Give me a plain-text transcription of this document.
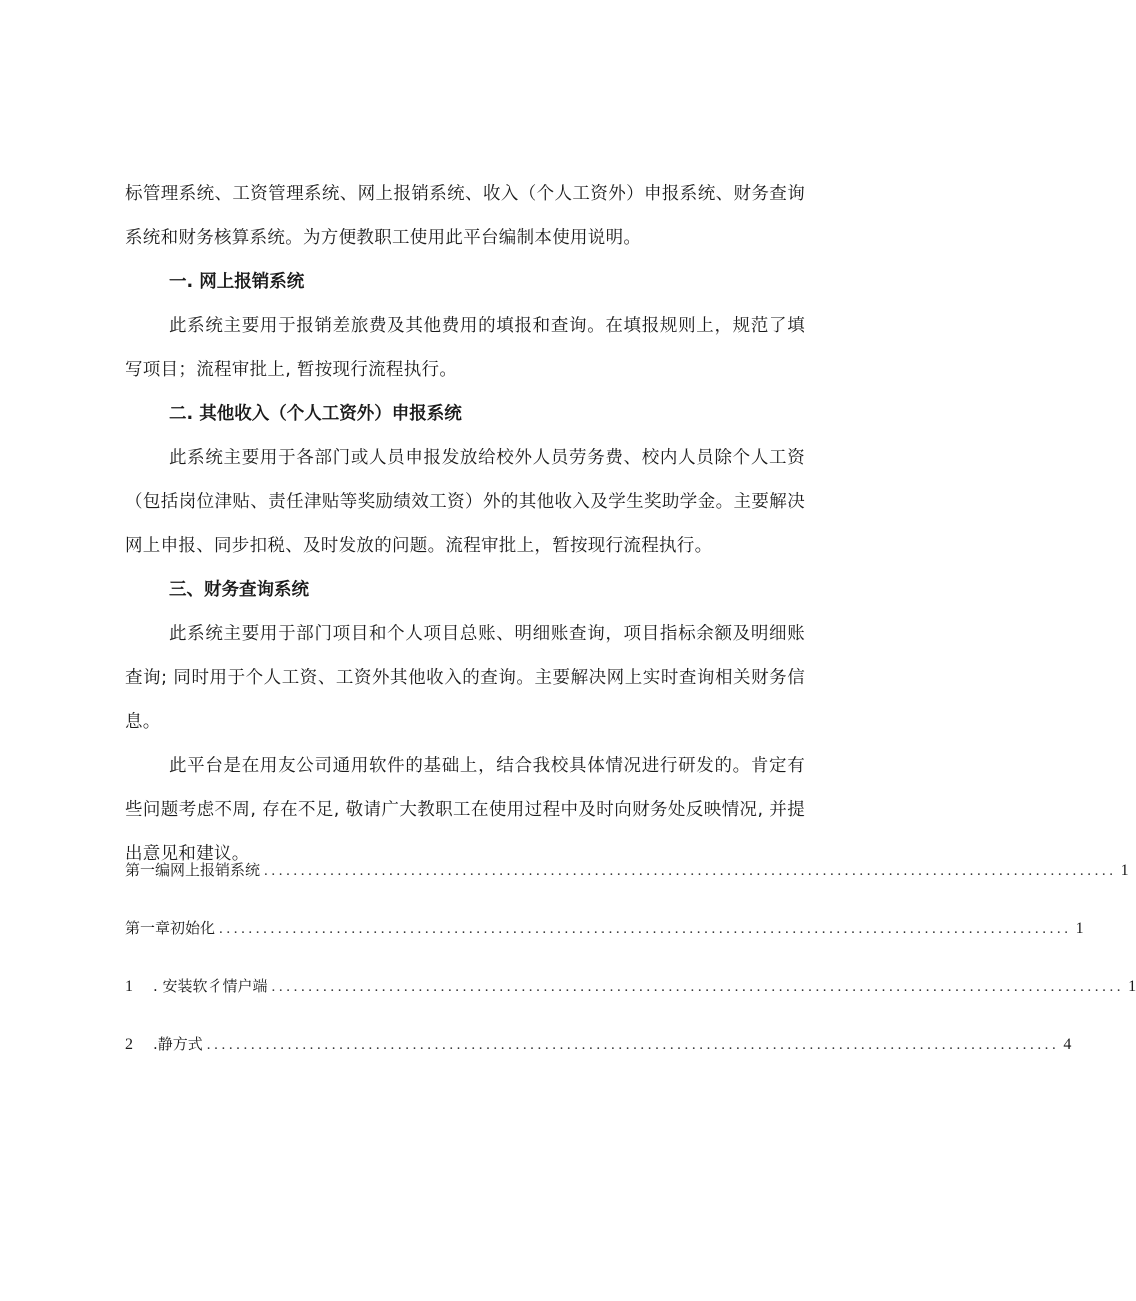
标管理系统、工资管理系统、网上报销系统、收入（个人工资外）申报系统、财务查询系统和财务核算系统。为方便教职工使用此平台编制本使用说明。

一. 网上报销系统

此系统主要用于报销差旅费及其他费用的填报和查询。在填报规则上，规范了填写项目；流程审批上, 暂按现行流程执行。

二. 其他收入（个人工资外）申报系统

此系统主要用于各部门或人员申报发放给校外人员劳务费、校内人员除个人工资（包括岗位津贴、责任津贴等奖励绩效工资）外的其他收入及学生奖助学金。主要解决网上申报、同步扣税、及时发放的问题。流程审批上，暂按现行流程执行。

三、财务查询系统

此系统主要用于部门项目和个人项目总账、明细账查询，项目指标余额及明细账查询; 同时用于个人工资、工资外其他收入的查询。主要解决网上实时查询相关财务信息。

此平台是在用友公司通用软件的基础上，结合我校具体情况进行研发的。肯定有些问题考虑不周, 存在不足, 敬请广大教职工在使用过程中及时向财务处反映情况, 并提出意见和建议。

第一编网上报销系统 .................................................................................................................... 1
第一章初始化 .................................................................................................................... 1
1 . 安装软彳情户端 .................................................................................................................... 1
2 .静方式 .................................................................................................................... 4
